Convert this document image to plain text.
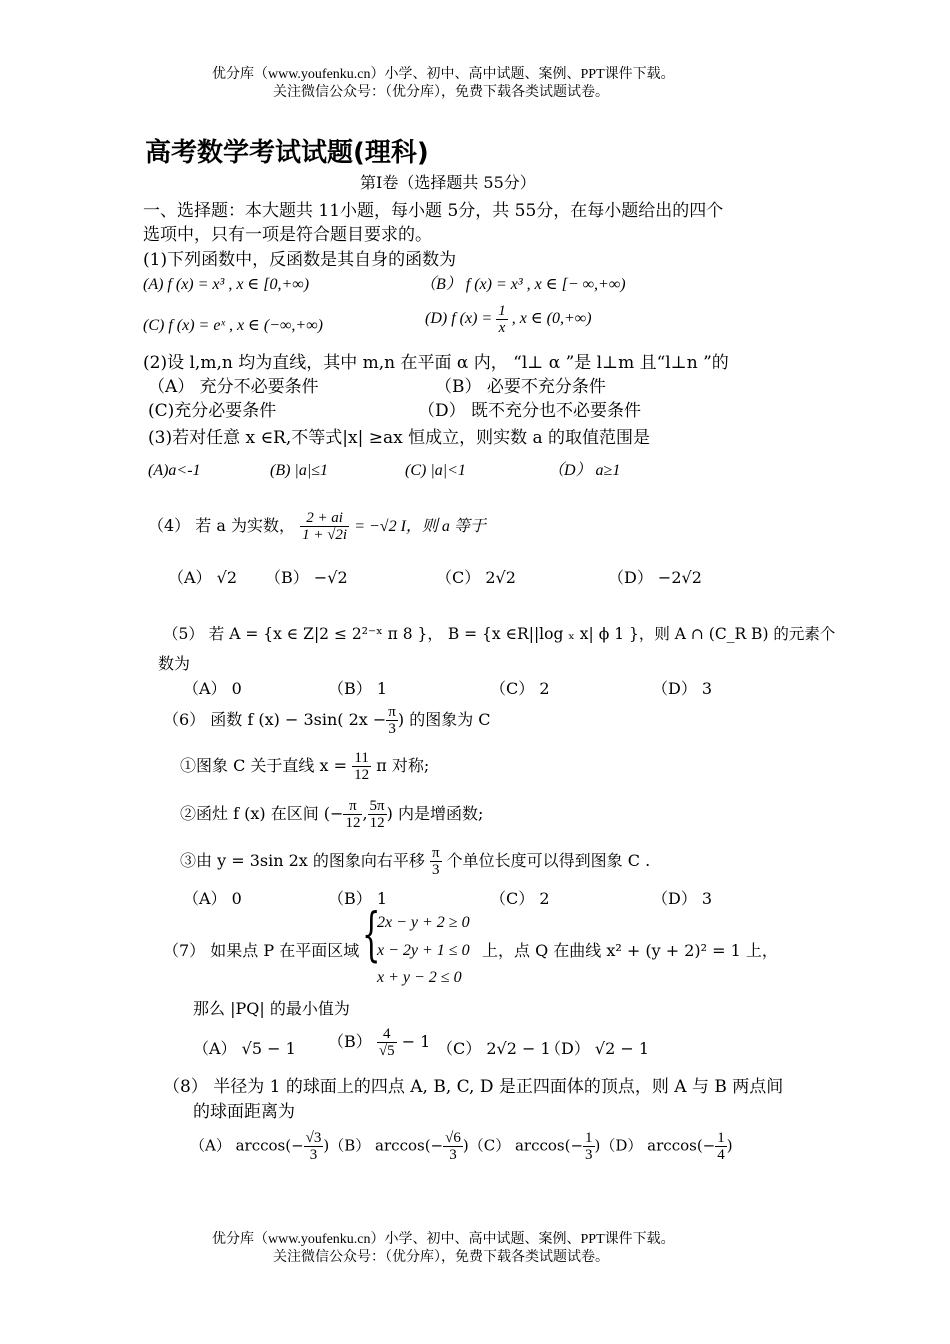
优分库（www.youfenku.cn）小学、初中、高中试题、案例、PPT课件下载。
关注微信公众号：（优分库），免费下载各类试题试卷。
高考数学考试试题(理科)
第Ⅰ卷（选择题共 55分）
一、选择题：本大题共 11小题，每小题 5分，共 55分，在每小题给出的四个
选项中，只有一项是符合题目要求的。
(1)下列函数中，反函数是其自身的函数为
(A) f (x) = x³ , x ∈ [0,+∞)	（B） f (x) = x³ , x ∈ [− ∞,+∞)
(C) f (x) = eˣ , x ∈ (−∞,+∞)	(D) f $(x) = \frac{1}{x}$ , x ∈ (0,+∞)
(2)设 l,m,n 均为直线，其中 m,n 在平面 α 内， “l⊥ α ”是 l⊥m 且“l⊥n ”的
（A） 充分不必要条件	（B） 必要不充分条件
(C)充分必要条件	（D） 既不充分也不必要条件
(3)若对任意 x ∈R,不等式|x| ≥ax 恒成立，则实数 a 的取值范围是
(A)a<-1	(B) |a|≤1	(C) |a|<1	（D） a≥1
（4） 若 a 为实数， $\frac{2 + ai}{1 + √2i} = -√2$ I，则 a 等于
（A） √2 （B） −√2	（C） 2√2	（D） −2√2
（5） 若 A = {x ∈ Z|2 ≤ 2²⁻ˣ π 8 }， B = {x ∈R||log ₓ x| ϕ 1 }，则 A ∩ (C_R B) 的元素个
数为
（A） 0	（B） 1	（C） 2	（D） 3
（6） 函数 f (x) − 3sin( $2x - \frac{\pi}{3}$ ) 的图象为 C
①图象 C 关于直线 $x = \frac{11}{12}$ π 对称;
②函灶 f (x) 在区间 (− $\frac{\pi}{12}$ , $\frac{5\pi}{12}$ ) 内是增函数;
③由 y = 3sin 2x 的图象向右平移 $\frac{\pi}{3}$ 个单位长度可以得到图象 C .
（A） 0	（B） 1	（C） 2	（D） 3
（7） 如果点 P 在平面区域 {
2x − y + 2 ≥ 0
x − 2y + 1 ≤ 0
x + y − 2 ≤ 0
上，点 Q 在曲线 x² + (y + 2)² = 1 上，
那么 |PQ| 的最小值为
（A） √5 − 1 $(B) \frac{4}{√5} - 1$ （C） 2√2 − 1
（D） √2 − 1
（8） 半径为 1 的球面上的四点 A, B, C, D 是正四面体的顶点，则 A 与 B 两点间
的球面距离为
（A） $\arccos(- \frac{√3}{3} )(B)$ $\arccos(- \frac{√6}{3} )(C)$ $\arccos(- \frac{1}{3} )(D)$ $\arccos(- \frac{1}{4}$ )
优分库（www.youfenku.cn）小学、初中、高中试题、案例、PPT课件下载。
关注微信公众号：（优分库），免费下载各类试题试卷。
